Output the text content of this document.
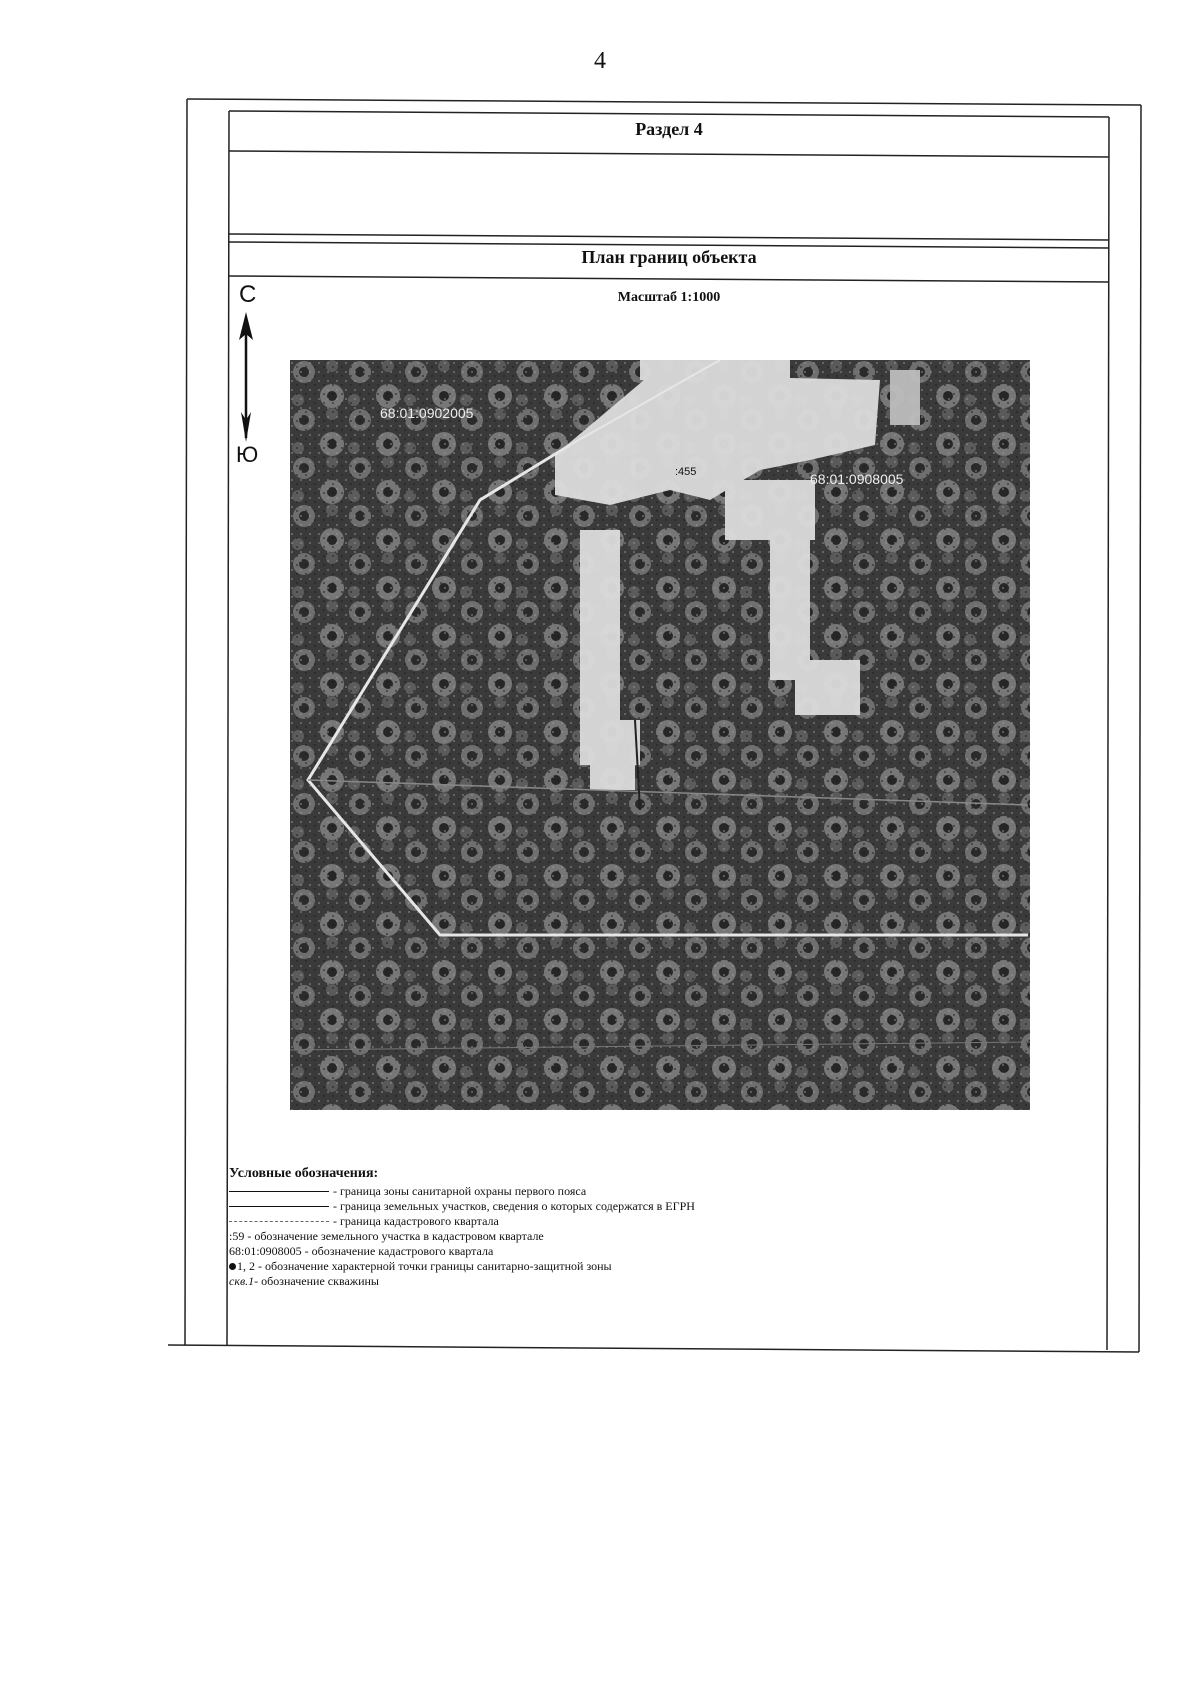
4
Раздел 4
План границ объекта
Масштаб 1:1000
С
Ю
68:01:0902005
:455	68:01:0908005
Условные обозначения:
- граница зоны санитарной охраны первого пояса
- граница земельных участков, сведения о которых содержатся в ЕГРН
- граница кадастрового квартала
:59 - обозначение земельного участка в кадастровом квартале
68:01:0908005 - обозначение кадастрового квартала
1, 2 - обозначение характерной точки границы санитарно-защитной зоны
скв.1 - обозначение скважины
